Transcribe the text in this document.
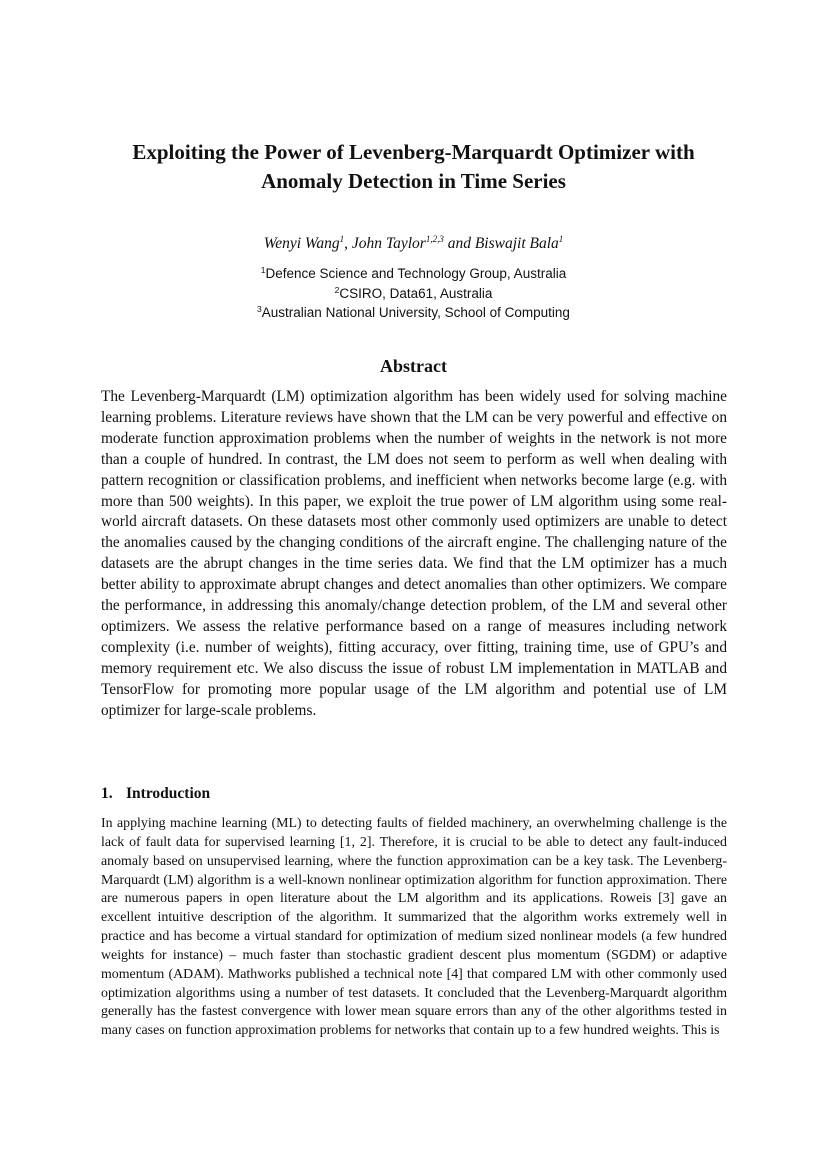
Exploiting the Power of Levenberg-Marquardt Optimizer with
Anomaly Detection in Time Series
Wenyi Wang$^1$, John Taylor$^{1,2,3}$ and Biswajit Bala$^1$
$^1$Defence Science and Technology Group, Australia
$^2$CSIRO, Data61, Australia
$^3$Australian National University, School of Computing
Abstract

The Levenberg-Marquardt (LM) optimization algorithm has been widely used for solving machine learning problems. Literature reviews have shown that the LM can be very powerful and effective on moderate function approximation problems when the number of weights in the network is not more than a couple of hundred. In contrast, the LM does not seem to perform as well when dealing with pattern recognition or classification problems, and inefficient when networks become large (e.g. with more than 500 weights). In this paper, we exploit the true power of LM algorithm using some real-world aircraft datasets. On these datasets most other commonly used optimizers are unable to detect the anomalies caused by the changing conditions of the aircraft engine. The challenging nature of the datasets are the abrupt changes in the time series data. We find that the LM optimizer has a much better ability to approximate abrupt changes and detect anomalies than other optimizers. We compare the performance, in addressing this anomaly/change detection problem, of the LM and several other optimizers. We assess the relative performance based on a range of measures including network complexity (i.e. number of weights), fitting accuracy, over fitting, training time, use of GPU’s and memory requirement etc. We also discuss the issue of robust LM implementation in MATLAB and TensorFlow for promoting more popular usage of the LM algorithm and potential use of LM optimizer for large-scale problems.

1. Introduction

In applying machine learning (ML) to detecting faults of fielded machinery, an overwhelming challenge is the lack of fault data for supervised learning [1, 2]. Therefore, it is crucial to be able to detect any fault-induced anomaly based on unsupervised learning, where the function approximation can be a key task. The Levenberg-Marquardt (LM) algorithm is a well-known nonlinear optimization algorithm for function approximation. There are numerous papers in open literature about the LM algorithm and its applications. Roweis [3] gave an excellent intuitive description of the algorithm. It summarized that the algorithm works extremely well in practice and has become a virtual standard for optimization of medium sized nonlinear models (a few hundred weights for instance) – much faster than stochastic gradient descent plus momentum (SGDM) or adaptive momentum (ADAM). Mathworks published a technical note [4] that compared LM with other commonly used optimization algorithms using a number of test datasets. It concluded that the Levenberg-Marquardt algorithm generally has the fastest convergence with lower mean square errors than any of the other algorithms tested in many cases on function approximation problems for networks that contain up to a few hundred weights. This is
